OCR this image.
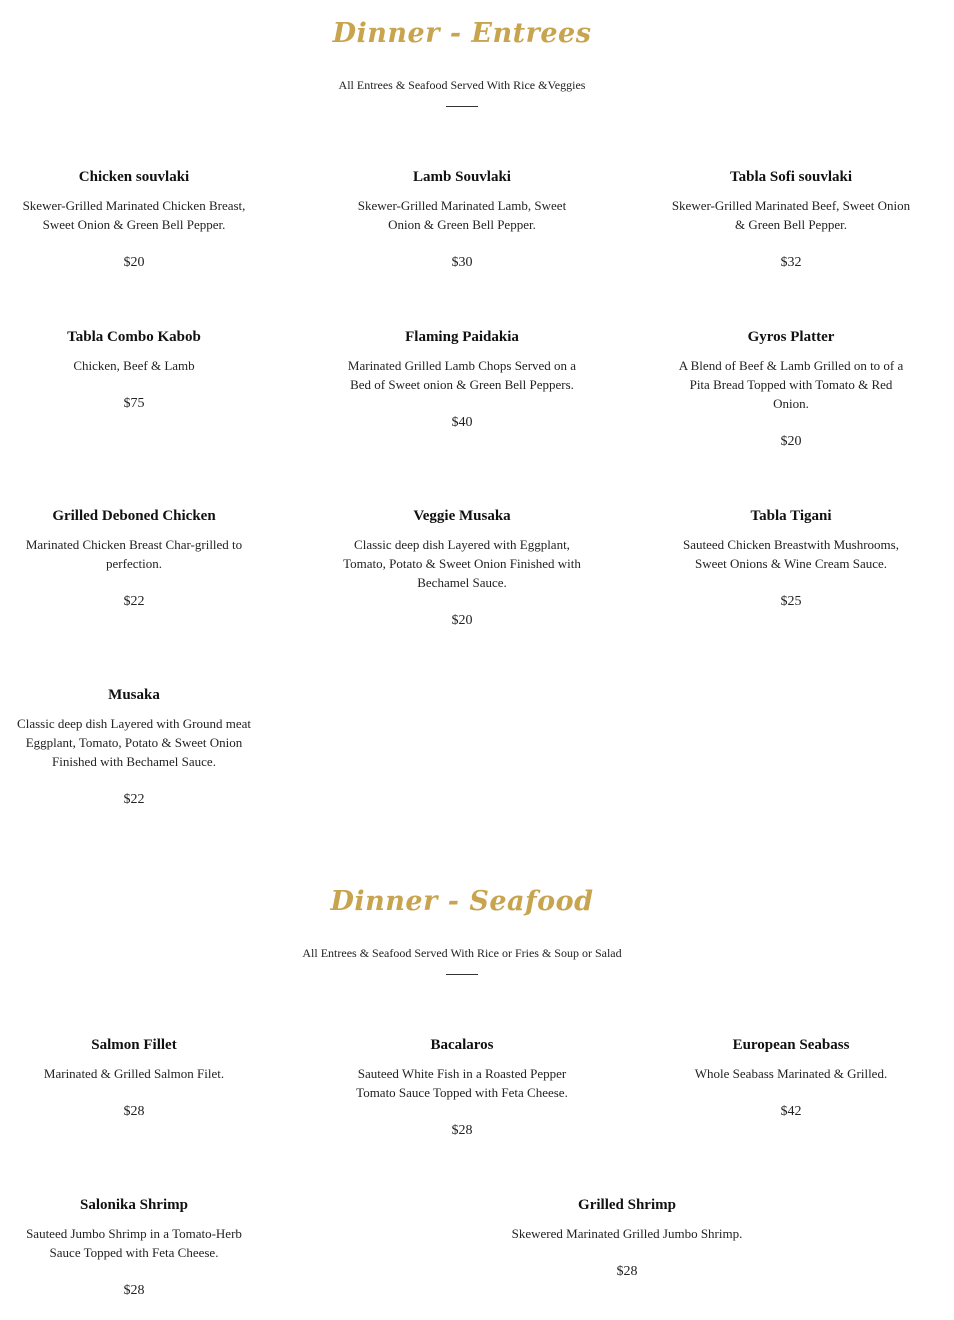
Dinner - Entrees
All Entrees & Seafood Served With Rice &Veggies
Chicken souvlaki
Skewer-Grilled Marinated Chicken Breast, Sweet Onion & Green Bell Pepper.
$20
Lamb Souvlaki
Skewer-Grilled Marinated Lamb, Sweet Onion & Green Bell Pepper.
$30
Tabla Sofi souvlaki
Skewer-Grilled Marinated Beef, Sweet Onion & Green Bell Pepper.
$32
Tabla Combo Kabob
Chicken, Beef & Lamb
$75
Flaming Paidakia
Marinated Grilled Lamb Chops Served on a Bed of Sweet onion & Green Bell Peppers.
$40
Gyros Platter
A Blend of Beef & Lamb Grilled on to of a Pita Bread Topped with Tomato & Red Onion.
$20
Grilled Deboned Chicken
Marinated Chicken Breast Char-grilled to perfection.
$22
Veggie Musaka
Classic deep dish Layered with Eggplant, Tomato, Potato & Sweet Onion Finished with Bechamel Sauce.
$20
Tabla Tigani
Sauteed Chicken Breastwith Mushrooms, Sweet Onions & Wine Cream Sauce.
$25
Musaka
Classic deep dish Layered with Ground meat Eggplant, Tomato, Potato & Sweet Onion Finished with Bechamel Sauce.
$22
Dinner - Seafood
All Entrees & Seafood Served With Rice or Fries & Soup or Salad
Salmon Fillet
Marinated & Grilled Salmon Filet.
$28
Bacalaros
Sauteed White Fish in a Roasted Pepper Tomato Sauce Topped with Feta Cheese.
$28
European Seabass
Whole Seabass Marinated & Grilled.
$42
Salonika Shrimp
Sauteed Jumbo Shrimp in a Tomato-Herb Sauce Topped with Feta Cheese.
$28
Grilled Shrimp
Skewered Marinated Grilled Jumbo Shrimp.
$28
